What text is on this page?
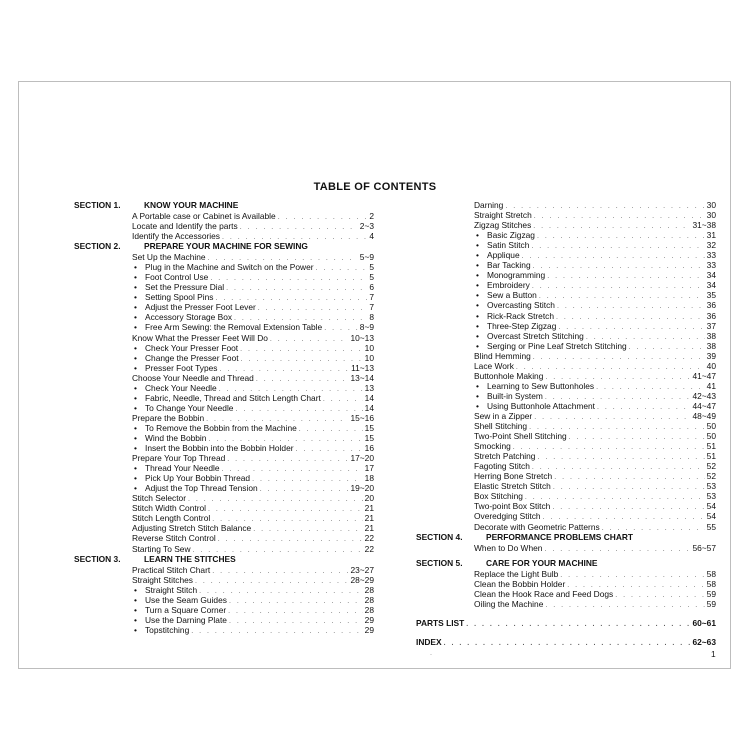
TABLE OF CONTENTS
SECTION 1.	KNOW YOUR MACHINE
A Portable case or Cabinet is Available . . .	2
Locate and Identify the parts . . .	2~3
Identify the Accessories . . .	4
SECTION 2.	PREPARE YOUR MACHINE FOR SEWING
Set Up the Machine . . .	5~9
• Plug in the Machine and Switch on the Power . . .	5
• Foot Control Use . . .	5
• Set the Pressure Dial . . .	6
• Setting Spool Pins . . .	7
• Adjust the Presser Foot Lever . . .	7
• Accessory Storage Box . . .	8
• Free Arm Sewing: the Removal Extension Table . . .	8~9
Know What the Presser Feet Will Do . . .	10~13
• Check Your Presser Foot . . .	10
• Change the Presser Foot . . .	10
• Presser Foot Types . . .	11~13
Choose Your Needle and Thread . . .	13~14
• Check Your Needle . . .	13
• Fabric, Needle, Thread and Stitch Length Chart . . .	14
• To Change Your Needle . . .	14
Prepare the Bobbin . . .	15~16
• To Remove the Bobbin from the Machine . . .	15
• Wind the Bobbin . . .	15
• Insert the Bobbin into the Bobbin Holder . . .	16
Prepare Your Top Thread . . .	17~20
• Thread Your Needle . . .	17
• Pick Up Your Bobbin Thread . . .	18
• Adjust the Top Thread Tension . . .	19~20
Stitch Selector . . .	20
Stitch Width Control . . .	21
Stitch Length Control . . .	21
Adjusting Stretch Stitch Balance . . .	21
Reverse Stitch Control . . .	22
Starting To Sew . . .	22
SECTION 3.	LEARN THE STITCHES
Practical Stitch Chart . . .	23~27
Straight Stitches . . .	28~29
• Straight Stitch . . .	28
• Use the Seam Guides . . .	28
• Turn a Square Corner . . .	28
• Use the Darning Plate . . .	29
• Topstitching . . .	29
Darning . . .	30
Straight Stretch . . .	30
Zigzag Stitches . . .	31~38
• Basic Zigzag . . .	31
• Satin Stitch . . .	32
• Applique . . .	33
• Bar Tacking . . .	33
• Monogramming . . .	34
• Embroidery . . .	34
• Sew a Button . . .	35
• Overcasting Stitch . . .	36
• Rick-Rack Stretch . . .	36
• Three-Step Zigzag . . .	37
• Overcast Stretch Stitching . . .	38
• Serging or Pine Leaf Stretch Stitching . . .	38
Blind Hemming . . .	39
Lace Work . . .	40
Buttonhole Making . . .	41~47
• Learning to Sew Buttonholes . . .	41
• Built-in System . . .	42~43
• Using Buttonhole Attachment . . .	44~47
Sew in a Zipper . . .	48~49
Shell Stitching . . .	50
Two-Point Shell Stitching . . .	50
Smocking . . .	51
Stretch Patching . . .	51
Fagoting Stitch . . .	52
Herring Bone Stretch . . .	52
Elastic Stretch Stitch . . .	53
Box Stitching . . .	53
Two-point Box Stitch . . .	54
Overedging Stitch . . .	54
Decorate with Geometric Patterns . . .	55
SECTION 4.	PERFORMANCE PROBLEMS CHART
When to Do When . . .	56~57
SECTION 5.	CARE FOR YOUR MACHINE
Replace the Light Bulb . . .	58
Clean the Bobbin Holder . . .	58
Clean the Hook Race and Feed Dogs . . .	59
Oiling the Machine . . .	59
PARTS LIST . . .	60~61
INDEX . . .	62~63
·	1
